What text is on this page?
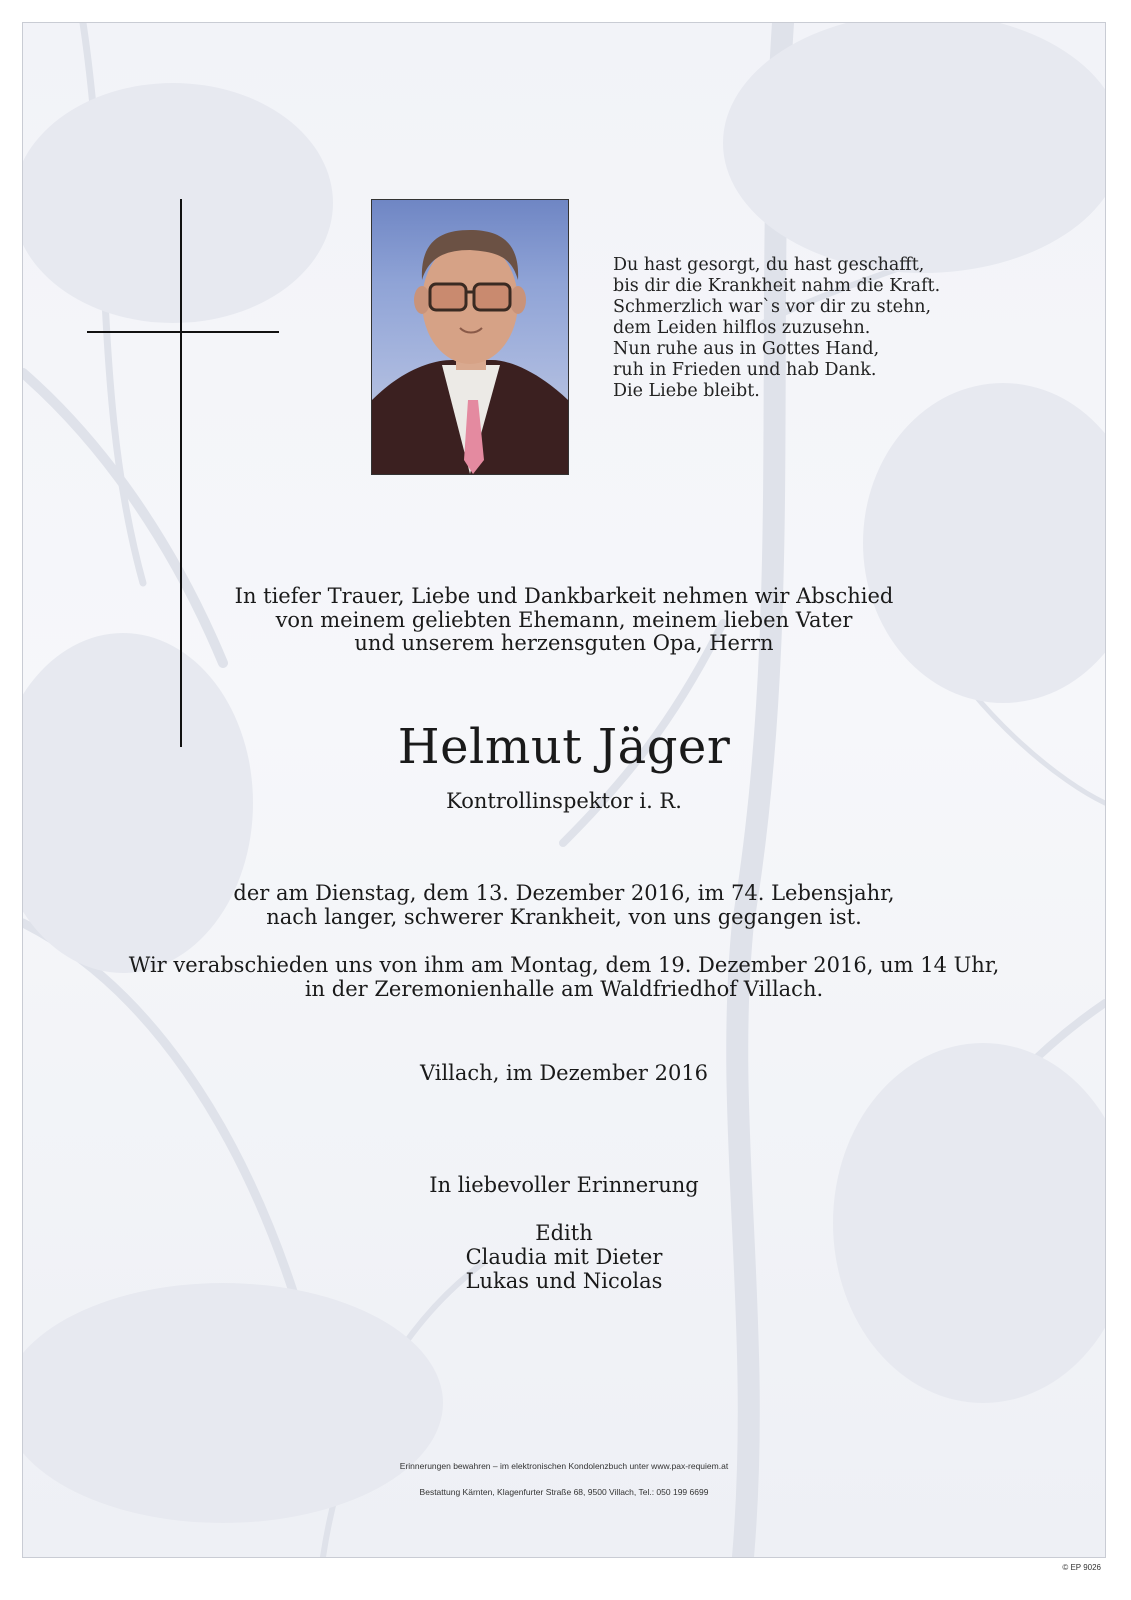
Du hast gesorgt, du hast geschafft,
bis dir die Krankheit nahm die Kraft.
Schmerzlich war`s vor dir zu stehn,
dem Leiden hilflos zuzusehn.
Nun ruhe aus in Gottes Hand,
ruh in Frieden und hab Dank.
Die Liebe bleibt.

In tiefer Trauer, Liebe und Dankbarkeit nehmen wir Abschied
von meinem geliebten Ehemann, meinem lieben Vater
und unserem herzensguten Opa, Herrn

Helmut Jäger

Kontrollinspektor i. R.

der am Dienstag, dem 13. Dezember 2016, im 74. Lebensjahr,
nach langer, schwerer Krankheit, von uns gegangen ist.

Wir verabschieden uns von ihm am Montag, dem 19. Dezember 2016, um 14 Uhr,
in der Zeremonienhalle am Waldfriedhof Villach.

Villach, im Dezember 2016

In liebevoller Erinnerung

Edith
Claudia mit Dieter
Lukas und Nicolas

Erinnerungen bewahren – im elektronischen Kondolenzbuch unter www.pax-requiem.at

Bestattung Kärnten, Klagenfurter Straße 68, 9500 Villach, Tel.: 050 199 6699

© EP 9026
